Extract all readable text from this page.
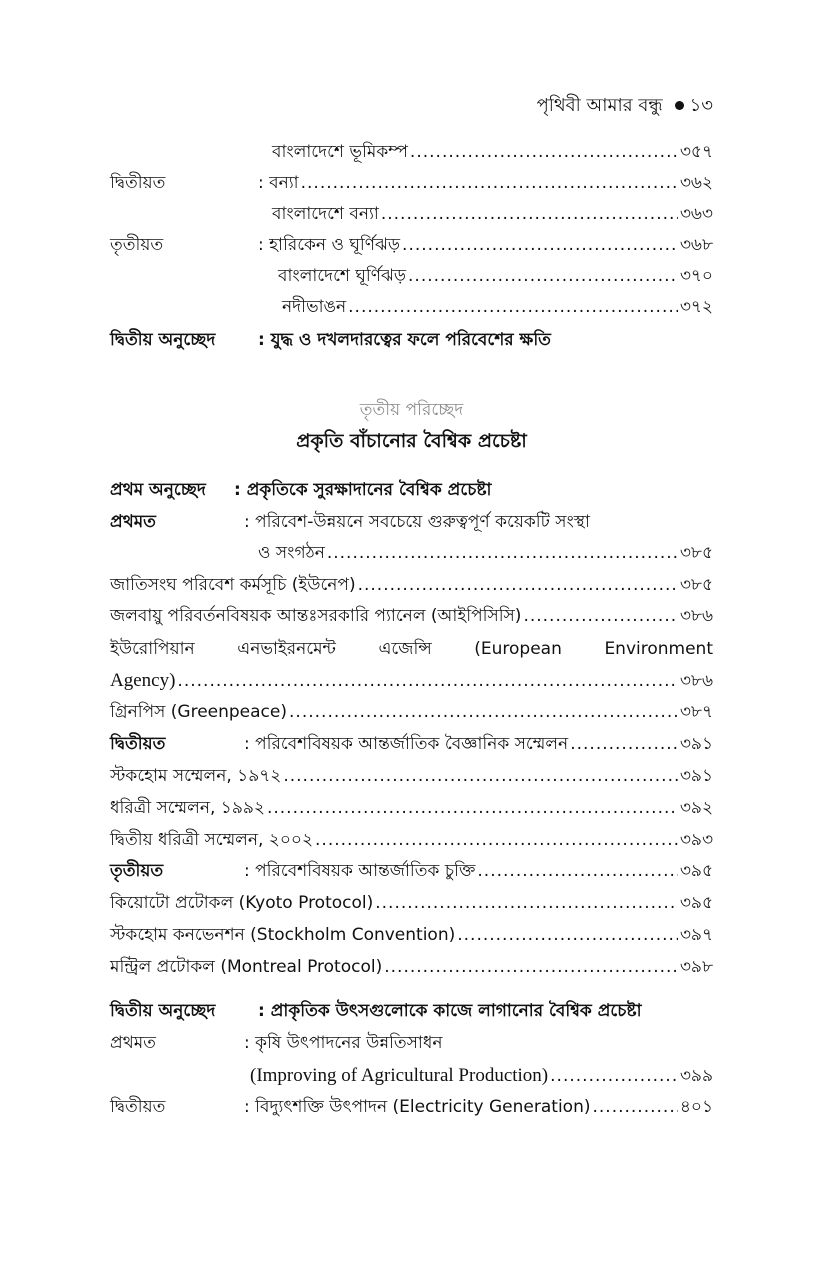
পৃথিবী আমার বন্ধু ১৩
বাংলাদেশে ভূমিকম্প .....	৩৫৭
দ্বিতীয়ত	: বন্যা .....	৩৬২
বাংলাদেশে বন্যা .....	৩৬৩
তৃতীয়ত	: হারিকেন ও ঘূর্ণিঝড় .....	৩৬৮
বাংলাদেশে ঘূর্ণিঝড় .....	৩৭০
নদীভাঙন .....	৩৭২
দ্বিতীয় অনুচ্ছেদ	: যুদ্ধ ও দখলদারত্বের ফলে পরিবেশের ক্ষতি
তৃতীয় পরিচ্ছেদ
প্রকৃতি বাঁচানোর বৈশ্বিক প্রচেষ্টা
প্রথম অনুচ্ছেদ : প্রকৃতিকে সুরক্ষাদানের বৈশ্বিক প্রচেষ্টা
প্রথমত	: পরিবেশ-উন্নয়নে সবচেয়ে গুরুত্বপূর্ণ কয়েকটি সংস্থা
ও সংগঠন .....	৩৮৫
জাতিসংঘ পরিবেশ কর্মসূচি (ইউনেপ) .....	৩৮৫
জলবায়ু পরিবর্তনবিষয়ক আন্তঃসরকারি প্যানেল (আইপিসিসি) .....	৩৮৬
ইউরোপিয়ান এনভাইরনমেন্ট এজেন্সি (European Environment
Agency) .....	৩৮৬
গ্রিনপিস (Greenpeace) .....	৩৮৭
দ্বিতীয়ত	: পরিবেশবিষয়ক আন্তর্জাতিক বৈজ্ঞানিক সম্মেলন .....	৩৯১
স্টকহোম সম্মেলন, ১৯৭২ .....	৩৯১
ধরিত্রী সম্মেলন, ১৯৯২ .....	৩৯২
দ্বিতীয় ধরিত্রী সম্মেলন, ২০০২ .....	৩৯৩
তৃতীয়ত	: পরিবেশবিষয়ক আন্তর্জাতিক চুক্তি .....	৩৯৫
কিয়োটো প্রটোকল (Kyoto Protocol) .....	৩৯৫
স্টকহোম কনভেনশন (Stockholm Convention) .....	৩৯৭
মন্ট্রিল প্রটোকল (Montreal Protocol) .....	৩৯৮
দ্বিতীয় অনুচ্ছেদ	: প্রাকৃতিক উৎসগুলোকে কাজে লাগানোর বৈশ্বিক প্রচেষ্টা
প্রথমত	: কৃষি উৎপাদনের উন্নতিসাধন
(Improving of Agricultural Production) .....	৩৯৯
দ্বিতীয়ত	: বিদ্যুৎশক্তি উৎপাদন (Electricity Generation) .....	৪০১
